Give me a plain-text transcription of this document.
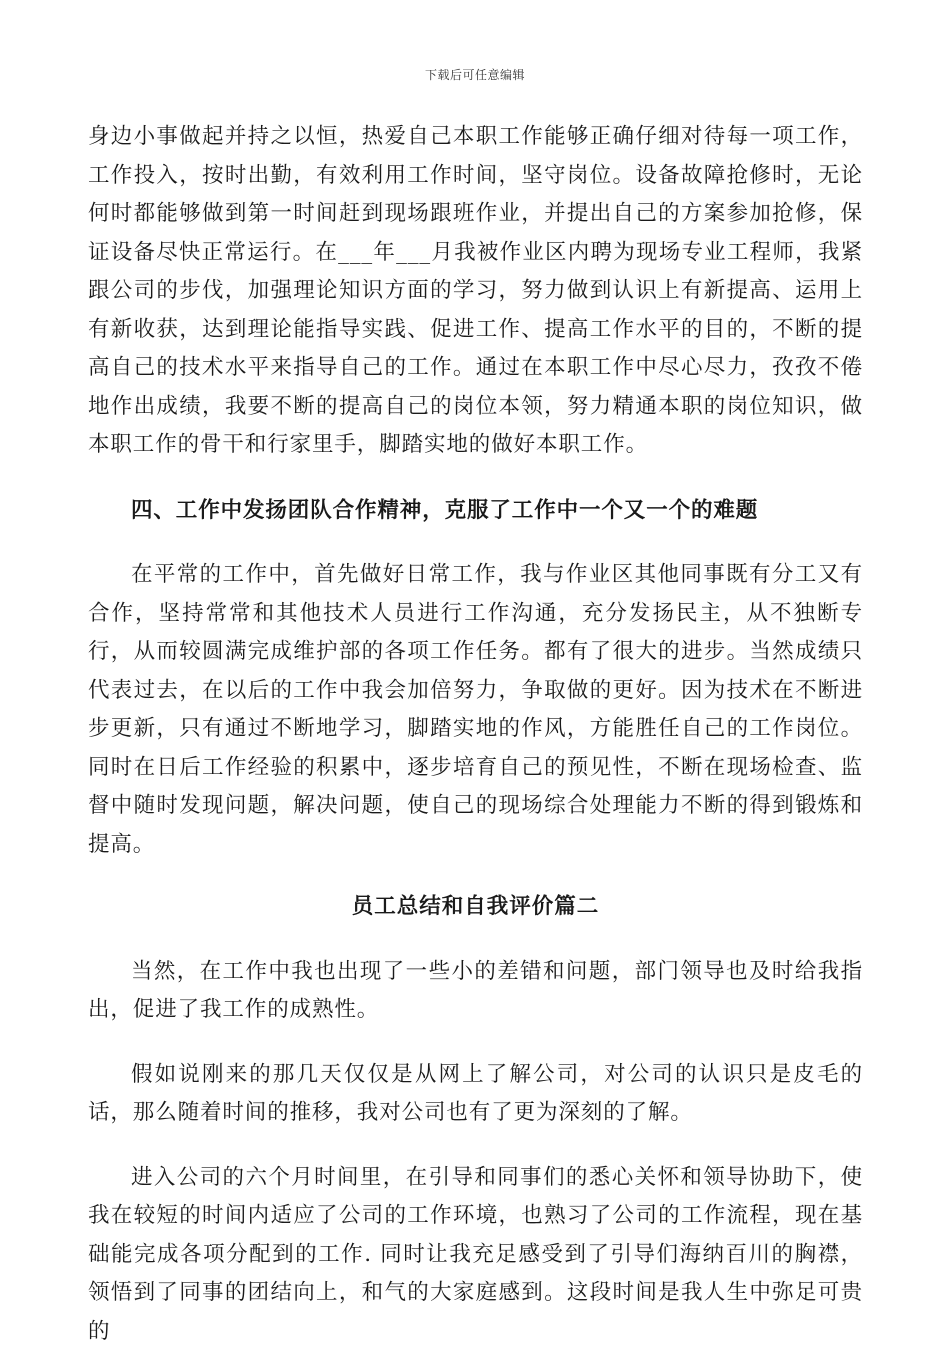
下载后可任意编辑

身边小事做起并持之以恒，热爱自己本职工作能够正确仔细对待每一项工作，工作投入，按时出勤，有效利用工作时间，坚守岗位。设备故障抢修时，无论何时都能够做到第一时间赶到现场跟班作业，并提出自己的方案参加抢修，保证设备尽快正常运行。在___年___月我被作业区内聘为现场专业工程师，我紧跟公司的步伐，加强理论知识方面的学习，努力做到认识上有新提高、运用上有新收获，达到理论能指导实践、促进工作、提高工作水平的目的，不断的提高自己的技术水平来指导自己的工作。通过在本职工作中尽心尽力，孜孜不倦地作出成绩，我要不断的提高自己的岗位本领，努力精通本职的岗位知识，做本职工作的骨干和行家里手，脚踏实地的做好本职工作。

四、工作中发扬团队合作精神，克服了工作中一个又一个的难题

在平常的工作中，首先做好日常工作，我与作业区其他同事既有分工又有合作，坚持常常和其他技术人员进行工作沟通，充分发扬民主，从不独断专行，从而较圆满完成维护部的各项工作任务。都有了很大的进步。当然成绩只代表过去，在以后的工作中我会加倍努力，争取做的更好。因为技术在不断进步更新，只有通过不断地学习，脚踏实地的作风，方能胜任自己的工作岗位。同时在日后工作经验的积累中，逐步培育自己的预见性，不断在现场检查、监督中随时发现问题，解决问题，使自己的现场综合处理能力不断的得到锻炼和提高。

员工总结和自我评价篇二

当然，在工作中我也出现了一些小的差错和问题，部门领导也及时给我指出，促进了我工作的成熟性。

假如说刚来的那几天仅仅是从网上了解公司，对公司的认识只是皮毛的话，那么随着时间的推移，我对公司也有了更为深刻的了解。

进入公司的六个月时间里，在引导和同事们的悉心关怀和领导协助下，使我在较短的时间内适应了公司的工作环境，也熟习了公司的工作流程，现在基础能完成各项分配到的工作. 同时让我充足感受到了引导们海纳百川的胸襟，领悟到了同事的团结向上，和气的大家庭感到。这段时间是我人生中弥足可贵的
